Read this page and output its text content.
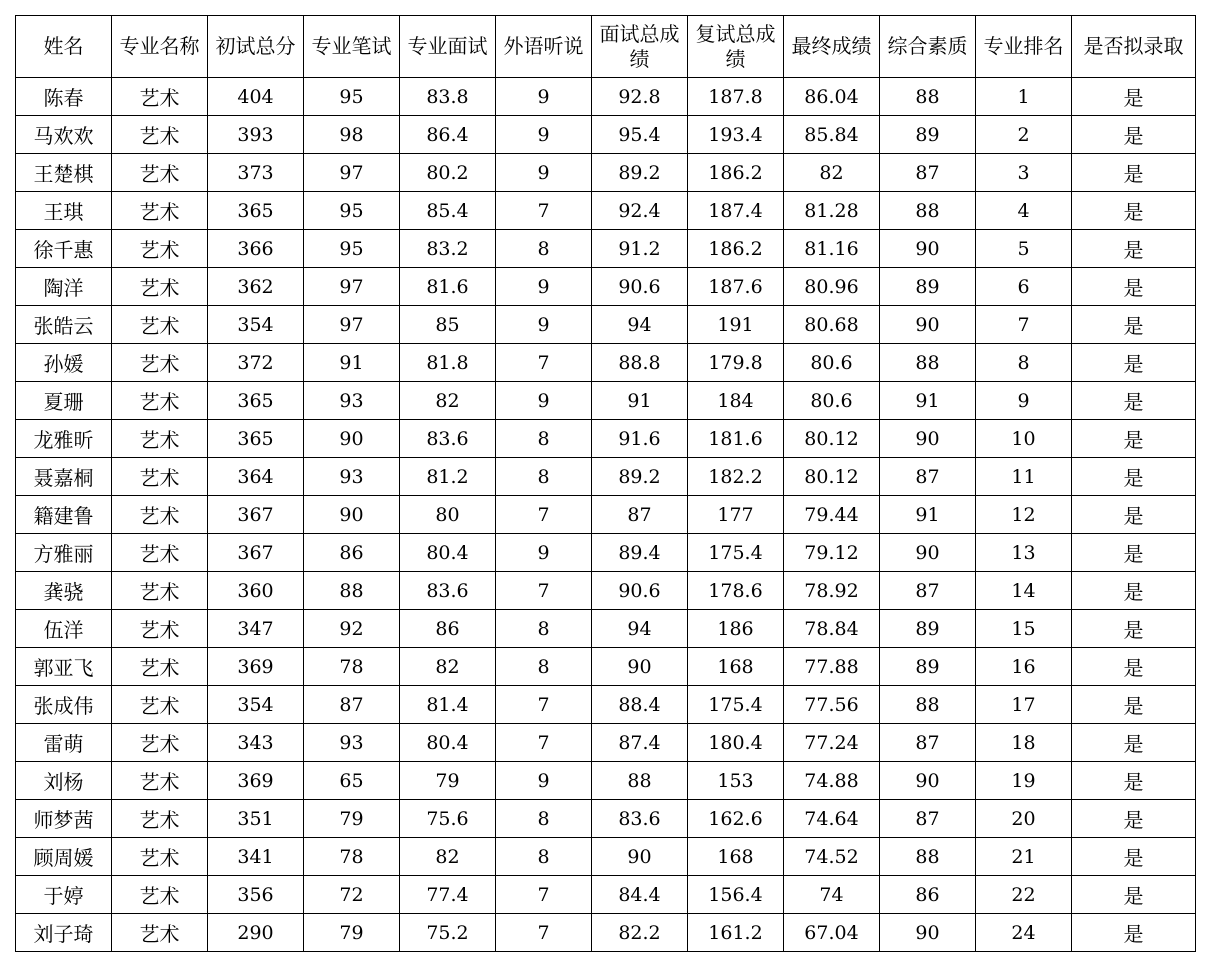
姓名	专业名称	初试总分	专业笔试	专业面试	外语听说	面试总成绩	复试总成绩	最终成绩	综合素质	专业排名	是否拟录取
陈春	艺术	404	95	83.8	9	92.8	187.8	86.04	88	1	是
马欢欢	艺术	393	98	86.4	9	95.4	193.4	85.84	89	2	是
王楚棋	艺术	373	97	80.2	9	89.2	186.2	82	87	3	是
王琪	艺术	365	95	85.4	7	92.4	187.4	81.28	88	4	是
徐千惠	艺术	366	95	83.2	8	91.2	186.2	81.16	90	5	是
陶洋	艺术	362	97	81.6	9	90.6	187.6	80.96	89	6	是
张皓云	艺术	354	97	85	9	94	191	80.68	90	7	是
孙媛	艺术	372	91	81.8	7	88.8	179.8	80.6	88	8	是
夏珊	艺术	365	93	82	9	91	184	80.6	91	9	是
龙雅昕	艺术	365	90	83.6	8	91.6	181.6	80.12	90	10	是
聂嘉桐	艺术	364	93	81.2	8	89.2	182.2	80.12	87	11	是
籍建鲁	艺术	367	90	80	7	87	177	79.44	91	12	是
方雅丽	艺术	367	86	80.4	9	89.4	175.4	79.12	90	13	是
龚骁	艺术	360	88	83.6	7	90.6	178.6	78.92	87	14	是
伍洋	艺术	347	92	86	8	94	186	78.84	89	15	是
郭亚飞	艺术	369	78	82	8	90	168	77.88	89	16	是
张成伟	艺术	354	87	81.4	7	88.4	175.4	77.56	88	17	是
雷萌	艺术	343	93	80.4	7	87.4	180.4	77.24	87	18	是
刘杨	艺术	369	65	79	9	88	153	74.88	90	19	是
师梦茜	艺术	351	79	75.6	8	83.6	162.6	74.64	87	20	是
顾周媛	艺术	341	78	82	8	90	168	74.52	88	21	是
于婷	艺术	356	72	77.4	7	84.4	156.4	74	86	22	是
刘子琦	艺术	290	79	75.2	7	82.2	161.2	67.04	90	24	是
